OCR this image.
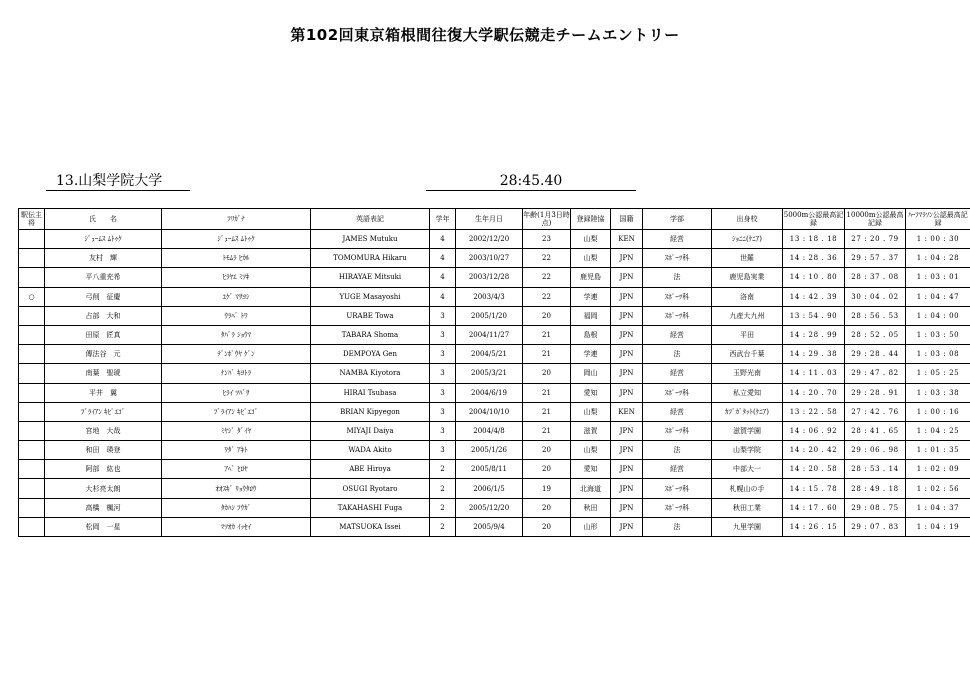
第102回東京箱根間往復大学駅伝競走チームエントリー
13.山梨学院大学	28:45.40
駅伝主将	氏　　名	ﾌﾘｶﾞﾅ	英語表記	学年	生年月日	年齢(1月3日時点)	登録陸協	国籍	学部	出身校	5000m公認最高記録	10000m公認最高記録	ﾊｰﾌﾏﾗｿﾝ公認最高記録
	ｼﾞｭｰﾑｽ ﾑﾄｩｸ	ｼﾞｭｰﾑｽ ﾑﾄｩｸ	JAMES Mutuku	4	2002/12/20	23	山梨	KEN	経営	ｼｮﾆﾆ(ｹﾆｱ)	13 : 18 . 18	27 : 20 . 79	1 : 00 : 30
	友村　輝	ﾄﾓﾑﾗ ﾋｶﾙ	TOMOMURA Hikaru	4	2003/10/27	22	山梨	JPN	ｽﾎﾟｰﾂ科	世羅	14 : 28 . 36	29 : 57 . 37	1 : 04 : 28
	平八重充希	ﾋﾗﾔｴ ﾐﾂｷ	HIRAYAE Mitsuki	4	2003/12/28	22	鹿児島	JPN	法	鹿児島実業	14 : 10 . 80	28 : 37 . 08	1 : 03 : 01
○	弓削　征慶	ﾕｹﾞ ﾏｻﾖｼ	YUGE Masayoshi	4	2003/4/3	22	学連	JPN	ｽﾎﾟｰﾂ科	洛南	14 : 42 . 39	30 : 04 . 02	1 : 04 : 47
	占部　大和	ｳﾗﾍﾞ ﾄﾜ	URABE Towa	3	2005/1/20	20	福岡	JPN	ｽﾎﾟｰﾂ科	九産大九州	13 : 54 . 90	28 : 56 . 53	1 : 04 : 00
	田原　匠真	ﾀﾊﾞﾗ ｼｮｳﾏ	TABARA Shoma	3	2004/11/27	21	島根	JPN	経営	平田	14 : 28 . 99	28 : 52 . 05	1 : 03 : 50
	傳法谷　元	ﾃﾞﾝﾎﾟｳﾔ ｹﾞﾝ	DEMPOYA Gen	3	2004/5/21	21	学連	JPN	法	西武台千葉	14 : 29 . 38	29 : 28 . 44	1 : 03 : 08
	南葉　聖琥	ﾅﾝﾊﾞ ｷﾖﾄﾗ	NAMBA Kiyotora	3	2005/3/21	20	岡山	JPN	経営	玉野光南	14 : 11 . 03	29 : 47 . 82	1 : 05 : 25
	平井　翼	ﾋﾗｲ ﾂﾊﾞｻ	HIRAI Tsubasa	3	2004/6/19	21	愛知	JPN	ｽﾎﾟｰﾂ科	私立愛知	14 : 20 . 70	29 : 28 . 91	1 : 03 : 38
	ﾌﾞﾗｲｱﾝ ｷﾋﾟｴｺﾞ	ﾌﾞﾗｲｱﾝ ｷﾋﾟｴｺﾞ	BRIAN Kipyegon	3	2004/10/10	21	山梨	KEN	経営	ｶﾌﾞｶﾞﾀｯﾄ(ｹﾆｱ)	13 : 22 . 58	27 : 42 . 76	1 : 00 : 16
	宮地　大哉	ﾐﾔｼﾞ ﾀﾞｲﾔ	MIYAJI Daiya	3	2004/4/8	21	滋賀	JPN	ｽﾎﾟｰﾂ科	滋賀学園	14 : 06 . 92	28 : 41 . 65	1 : 04 : 25
	和田　瑛登	ﾜﾀﾞ ｱｷﾄ	WADA Akito	3	2005/1/26	20	山梨	JPN	法	山梨学院	14 : 20 . 42	29 : 06 . 98	1 : 01 : 35
	阿部　紘也	ｱﾍﾞ ﾋﾛﾔ	ABE Hiroya	2	2005/8/11	20	愛知	JPN	経営	中部大一	14 : 20 . 58	28 : 53 . 14	1 : 02 : 09
	大杉亮太朗	ｵｵｽｷﾞ ﾘｮｳﾀﾛｳ	OSUGI Ryotaro	2	2006/1/5	19	北海道	JPN	ｽﾎﾟｰﾂ科	札幌山の手	14 : 15 . 78	28 : 49 . 18	1 : 02 : 56
	高橋　楓河	ﾀｶﾊｼ ﾌｳｶﾞ	TAKAHASHI Fuga	2	2005/12/20	20	秋田	JPN	ｽﾎﾟｰﾂ科	秋田工業	14 : 17 . 60	29 : 08 . 75	1 : 04 : 37
	松岡　一星	ﾏﾂｵｶ ｲｯｾｲ	MATSUOKA Issei	2	2005/9/4	20	山形	JPN	法	九里学園	14 : 26 . 15	29 : 07 . 83	1 : 04 : 19
